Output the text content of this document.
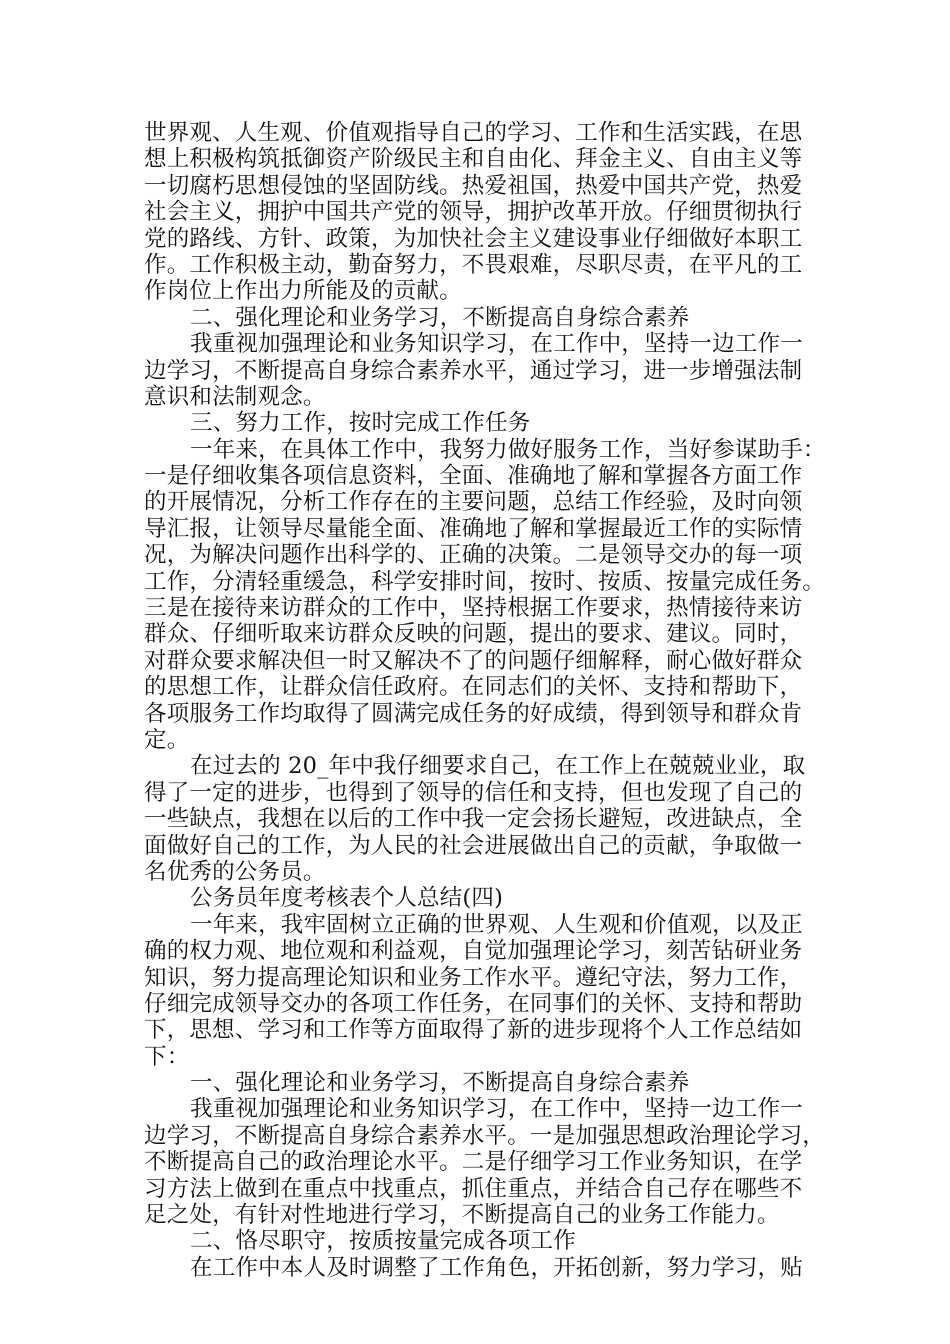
世界观、人生观、价值观指导自己的学习、工作和生活实践，在思
想上积极构筑抵御资产阶级民主和自由化、拜金主义、自由主义等
一切腐朽思想侵蚀的坚固防线。热爱祖国，热爱中国共产党，热爱
社会主义，拥护中国共产党的领导，拥护改革开放。仔细贯彻执行
党的路线、方针、政策，为加快社会主义建设事业仔细做好本职工
作。工作积极主动，勤奋努力，不畏艰难，尽职尽责，在平凡的工
作岗位上作出力所能及的贡献。
二、强化理论和业务学习，不断提高自身综合素养
我重视加强理论和业务知识学习，在工作中，坚持一边工作一
边学习，不断提高自身综合素养水平，通过学习，进一步增强法制
意识和法制观念。
三、努力工作，按时完成工作任务
一年来，在具体工作中，我努力做好服务工作，当好参谋助手：
一是仔细收集各项信息资料，全面、准确地了解和掌握各方面工作
的开展情况，分析工作存在的主要问题，总结工作经验，及时向领
导汇报，让领导尽量能全面、准确地了解和掌握最近工作的实际情
况，为解决问题作出科学的、正确的决策。二是领导交办的每一项
工作，分清轻重缓急，科学安排时间，按时、按质、按量完成任务。
三是在接待来访群众的工作中，坚持根据工作要求，热情接待来访
群众、仔细听取来访群众反映的问题，提出的要求、建议。同时，
对群众要求解决但一时又解决不了的问题仔细解释，耐心做好群众
的思想工作，让群众信任政府。在同志们的关怀、支持和帮助下，
各项服务工作均取得了圆满完成任务的好成绩，得到领导和群众肯
定。
在过去的 20_年中我仔细要求自己，在工作上在兢兢业业，取
得了一定的进步，也得到了领导的信任和支持，但也发现了自己的
一些缺点，我想在以后的工作中我一定会扬长避短，改进缺点，全
面做好自己的工作，为人民的社会进展做出自己的贡献，争取做一
名优秀的公务员。
公务员年度考核表个人总结(四)
一年来，我牢固树立正确的世界观、人生观和价值观，以及正
确的权力观、地位观和利益观，自觉加强理论学习，刻苦钻研业务
知识，努力提高理论知识和业务工作水平。遵纪守法，努力工作，
仔细完成领导交办的各项工作任务，在同事们的关怀、支持和帮助
下，思想、学习和工作等方面取得了新的进步现将个人工作总结如
下：
一、强化理论和业务学习，不断提高自身综合素养
我重视加强理论和业务知识学习，在工作中，坚持一边工作一
边学习，不断提高自身综合素养水平。一是加强思想政治理论学习，
不断提高自己的政治理论水平。二是仔细学习工作业务知识，在学
习方法上做到在重点中找重点，抓住重点，并结合自己存在哪些不
足之处，有针对性地进行学习，不断提高自己的业务工作能力。
二、恪尽职守，按质按量完成各项工作
在工作中本人及时调整了工作角色，开拓创新，努力学习，贴
